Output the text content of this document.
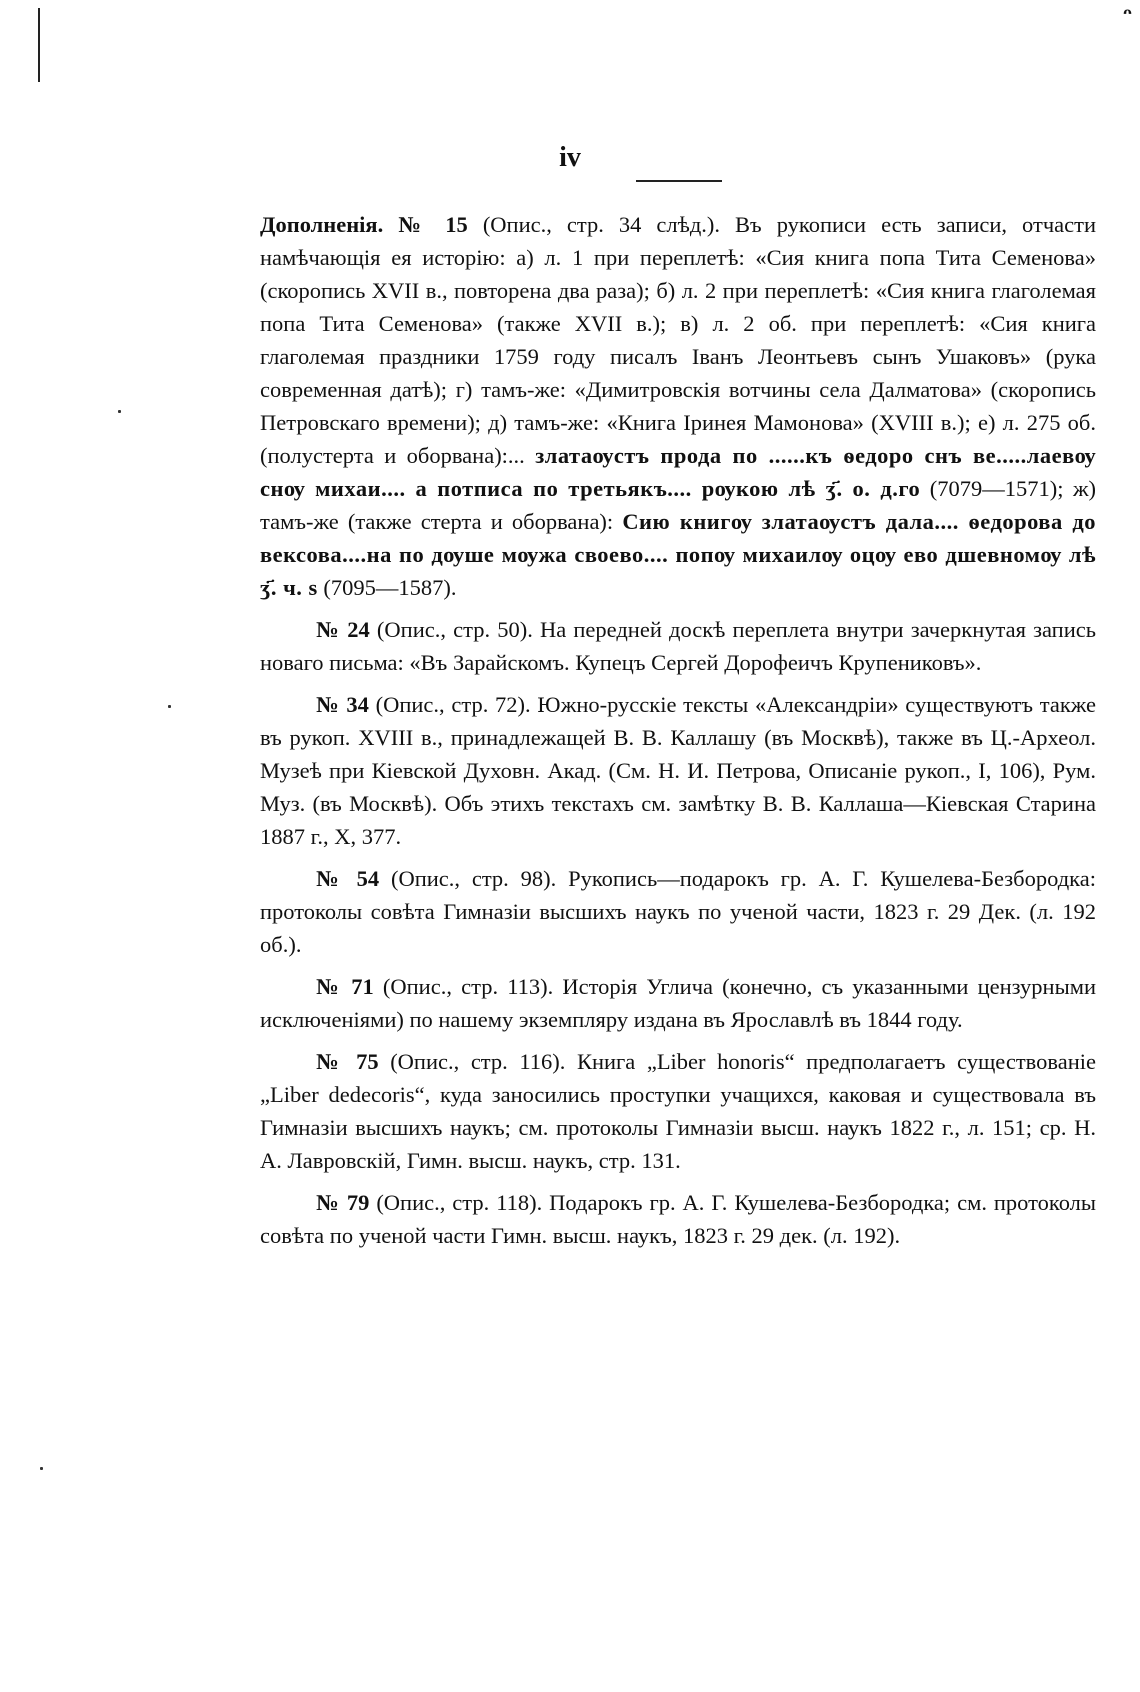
ᴖ
iv

Дополненія. № 15 (Опис., стр. 34 слѣд.). Въ рукописи есть записи, отчасти намѣчающія ея исторію: а) л. 1 при переплетѣ: «Сия книга попа Тита Семенова» (скоропись XVII в., повторена два раза); б) л. 2 при переплетѣ: «Сия книга глаголемая попа Тита Семенова» (также XVII в.); в) л. 2 об. при переплетѣ: «Сия книга глаголемая праздники 1759 году писалъ Іванъ Леонтьевъ сынъ Ушаковъ» (рука современная датѣ); г) тамъ-же: «Димитровскія вотчины села Далматова» (скоропись Петровскаго времени); д) тамъ-же: «Книга Іринея Мамонова» (XVIII в.); е) л. 275 об. (полустерта и оборвана):... златаѹстъ прода по ......къ ѳедоро снъ ве.....лаевѹ снѹ михаи.... а потписа по третьякъ.... рѹкою лѣ ӡ҃. о. д.го (7079—1571); ж) тамъ-же (также стерта и оборвана): Сию книгѹ златаѹстъ дала.... ѳедорова до вексова....на по дѹше мѹжа своево.... попѹ михаилѹ оцѹ ево дшевномѹ лѣ ӡ҃. ч. ѕ (7095—1587).

№ 24 (Опис., стр. 50). На передней доскѣ переплета внутри зачеркнутая запись новаго письма: «Въ Зарайскомъ. Купецъ Сергей Дорофеичъ Крупениковъ».

№ 34 (Опис., стр. 72). Южно-русскіе тексты «Александріи» существуютъ также въ рукоп. XVIII в., принадлежащей В. В. Каллашу (въ Москвѣ), также въ Ц.-Археол. Музеѣ при Кіевской Духовн. Акад. (См. Н. И. Петрова, Описаніе рукоп., I, 106), Рум. Муз. (въ Москвѣ). Объ этихъ текстахъ см. замѣтку В. В. Каллаша—Кіевская Старина 1887 г., X, 377.

№ 54 (Опис., стр. 98). Рукопись—подарокъ гр. А. Г. Кушелева-Безбородка: протоколы совѣта Гимназіи высшихъ наукъ по ученой части, 1823 г. 29 Дек. (л. 192 об.).

№ 71 (Опис., стр. 113). Исторія Углича (конечно, съ указанными цензурными исключеніями) по нашему экземпляру издана въ Ярославлѣ въ 1844 году.

№ 75 (Опис., стр. 116). Книга „Liber honoris“ предполагаетъ существованіе „Liber dedecoris“, куда заносились проступки учащихся, каковая и существовала въ Гимназіи высшихъ наукъ; см. протоколы Гимназіи высш. наукъ 1822 г., л. 151; ср. Н. А. Лавровскій, Гимн. высш. наукъ, стр. 131.

№ 79 (Опис., стр. 118). Подарокъ гр. А. Г. Кушелева-Безбородка; см. протоколы совѣта по ученой части Гимн. высш. наукъ, 1823 г. 29 дек. (л. 192).
